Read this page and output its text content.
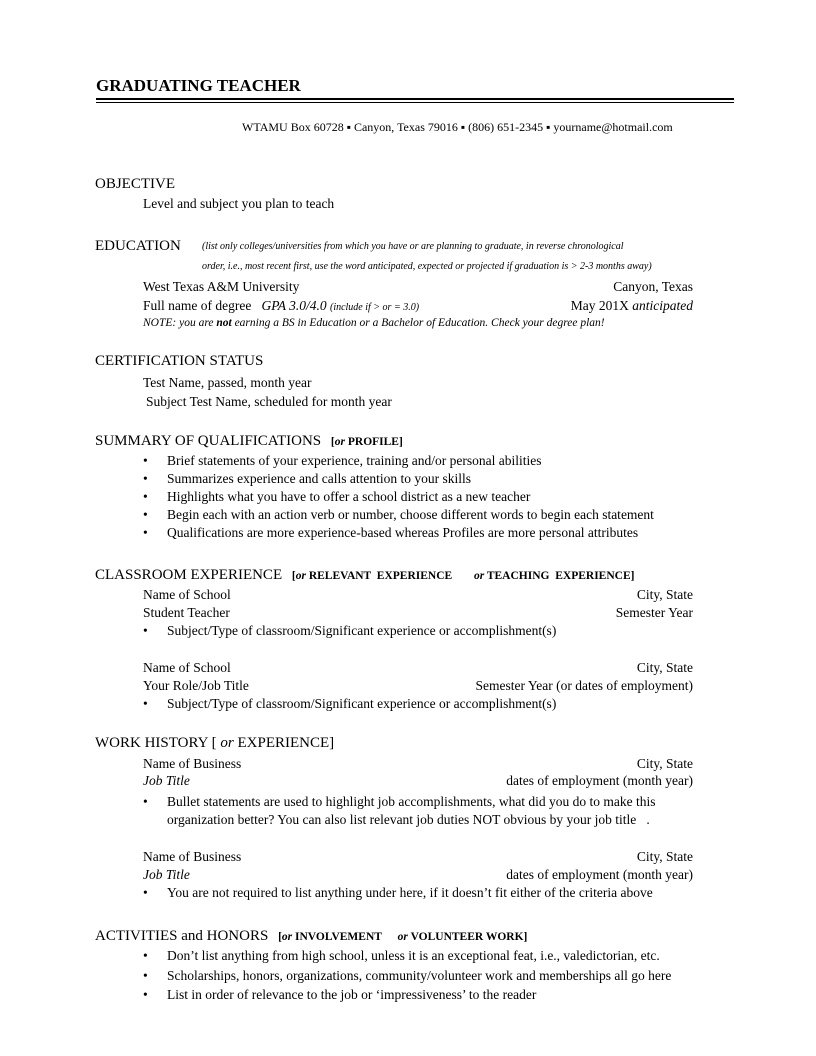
GRADUATING TEACHER
WTAMU Box 60728 ▪ Canyon, Texas 79016 ▪ (806) 651-2345 ▪ yourname@hotmail.com
OBJECTIVE
Level and subject you plan to teach
EDUCATION (list only colleges/universities from which you have or are planning to graduate, in reverse chronological
order, i.e., most recent first, use the word anticipated, expected or projected if graduation is > 2-3 months away)
West Texas A&M University	Canyon, Texas
Full name of degree GPA 3.0/4.0 (include if > or = 3.0)	May 201X anticipated
NOTE: you are not earning a BS in Education or a Bachelor of Education. Check your degree plan!
CERTIFICATION STATUS
Test Name, passed, month year
Subject Test Name, scheduled for month year
SUMMARY OF QUALIFICATIONS [or PROFILE]
• Brief statements of your experience, training and/or personal abilities
• Summarizes experience and calls attention to your skills
• Highlights what you have to offer a school district as a new teacher
• Begin each with an action verb or number, choose different words to begin each statement
• Qualifications are more experience-based whereas Profiles are more personal attributes
CLASSROOM EXPERIENCE [or RELEVANT  EXPERIENCE or TEACHING  EXPERIENCE]
Name of School	City, State
Student Teacher	Semester Year
• Subject/Type of classroom/Significant experience or accomplishment(s)
Name of School	City, State
Your Role/Job Title	Semester Year (or dates of employment)
• Subject/Type of classroom/Significant experience or accomplishment(s)
WORK HISTORY [ or EXPERIENCE]
Name of Business	City, State
Job Title	dates of employment (month year)
• Bullet statements are used to highlight job accomplishments, what did you do to make this
organization better? You can also list relevant job duties NOT obvious by your job title   .
Name of Business	City, State
Job Title	dates of employment (month year)
• You are not required to list anything under here, if it doesn’t fit either of the criteria above
ACTIVITIES and HONORS [or INVOLVEMENT or VOLUNTEER WORK]
• Don’t list anything from high school, unless it is an exceptional feat, i.e., valedictorian, etc.
• Scholarships, honors, organizations, community/volunteer work and memberships all go here
• List in order of relevance to the job or ‘impressiveness’ to the reader
